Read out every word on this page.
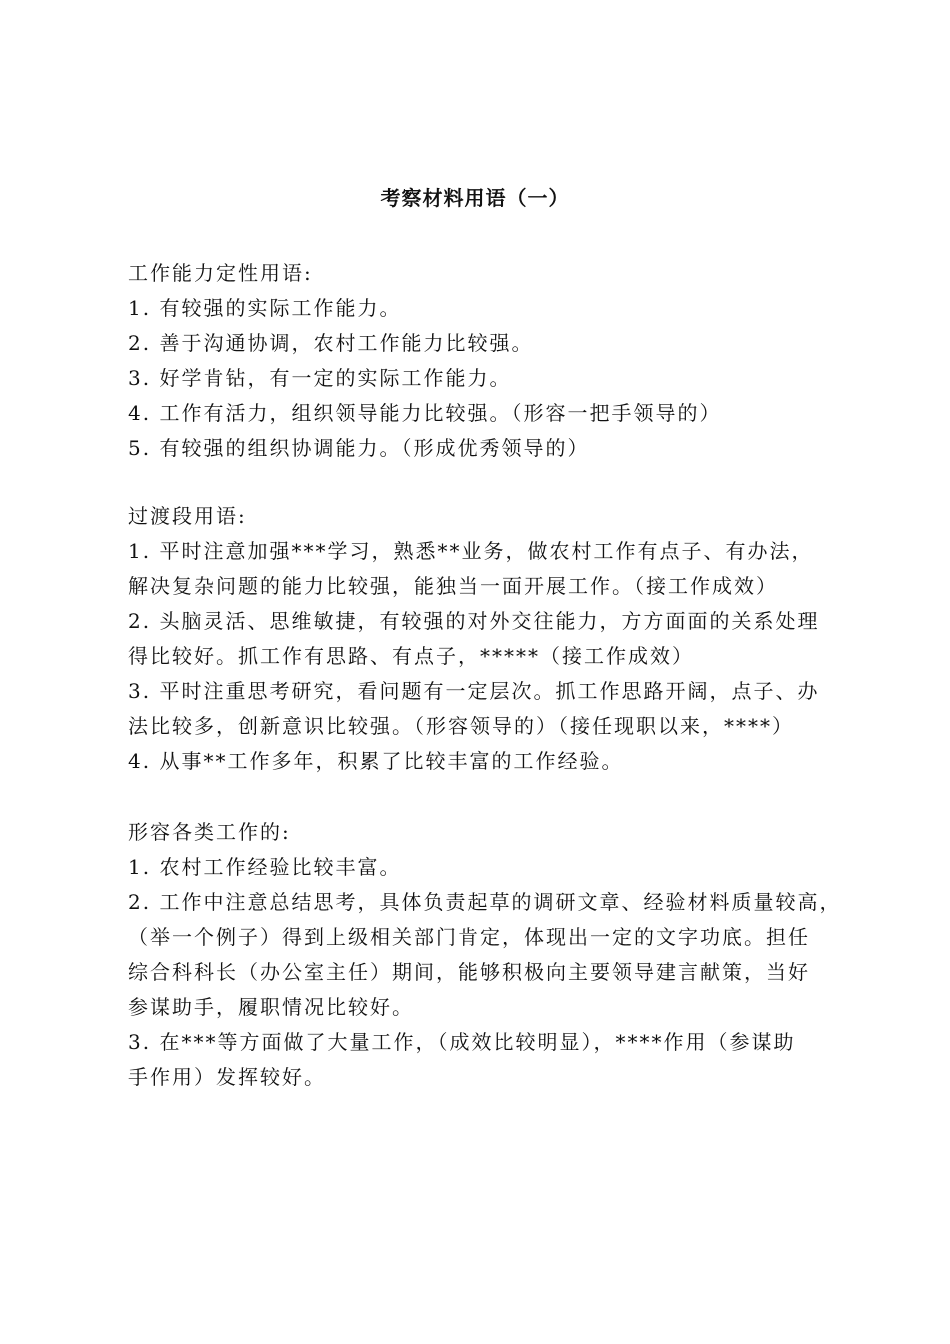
考察材料用语（一）
工作能力定性用语:
1. 有较强的实际工作能力。
2. 善于沟通协调，农村工作能力比较强。
3. 好学肯钻，有一定的实际工作能力。
4. 工作有活力，组织领导能力比较强。（形容一把手领导的）
5. 有较强的组织协调能力。（形成优秀领导的）
过渡段用语:
1. 平时注意加强***学习，熟悉**业务，做农村工作有点子、有办法，
解决复杂问题的能力比较强，能独当一面开展工作。（接工作成效）
2. 头脑灵活、思维敏捷，有较强的对外交往能力，方方面面的关系处理
得比较好。抓工作有思路、有点子，*****（接工作成效）
3. 平时注重思考研究，看问题有一定层次。抓工作思路开阔，点子、办
法比较多，创新意识比较强。（形容领导的）（接任现职以来，****）
4. 从事**工作多年，积累了比较丰富的工作经验。
形容各类工作的:
1. 农村工作经验比较丰富。
2. 工作中注意总结思考，具体负责起草的调研文章、经验材料质量较高，
（举一个例子）得到上级相关部门肯定，体现出一定的文字功底。担任
综合科科长（办公室主任）期间，能够积极向主要领导建言献策，当好
参谋助手，履职情况比较好。
3. 在***等方面做了大量工作，（成效比较明显），****作用（参谋助
手作用）发挥较好。
